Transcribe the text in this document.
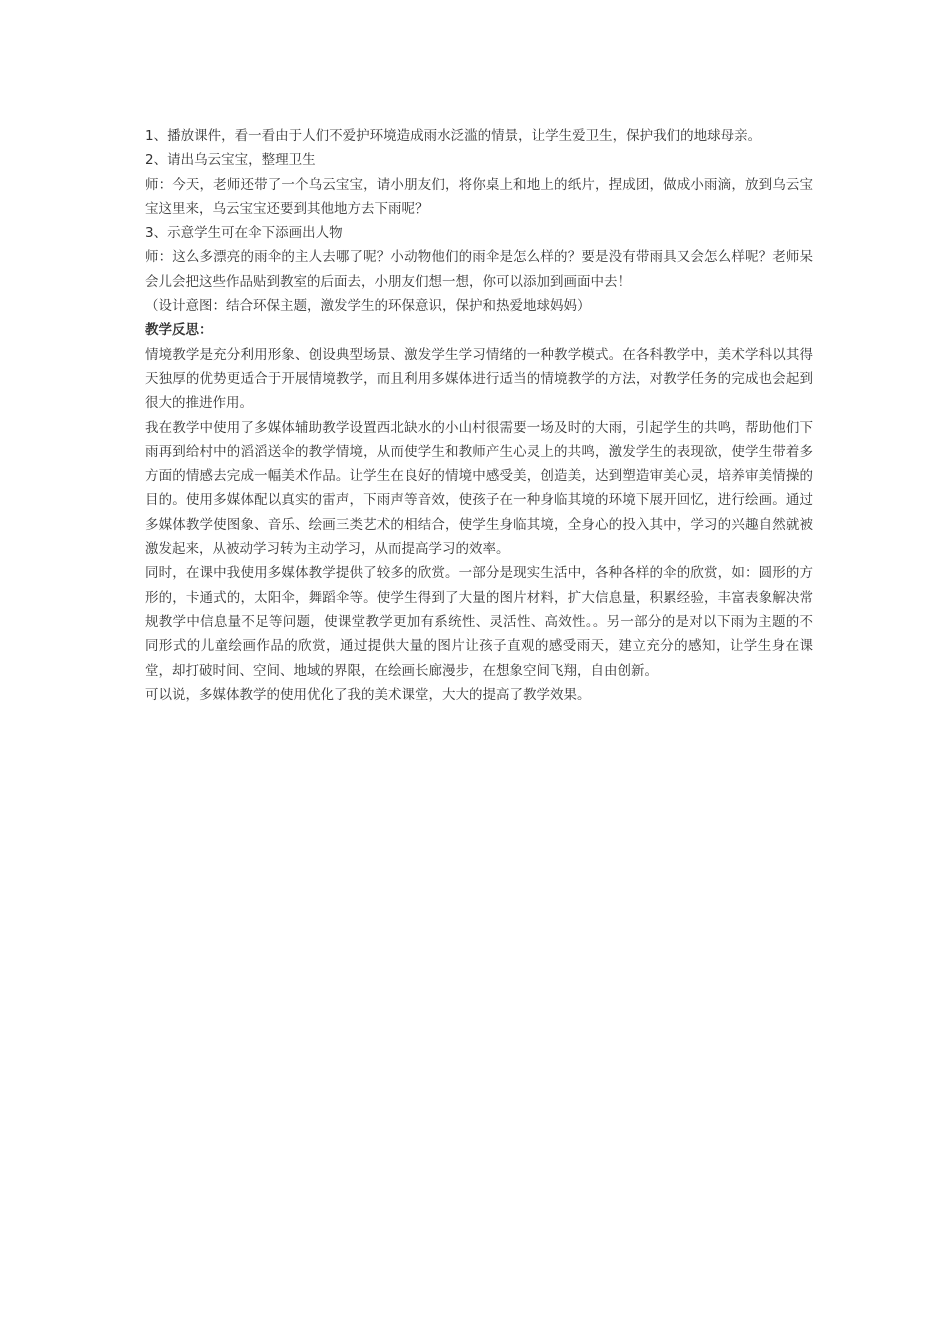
1、播放课件，看一看由于人们不爱护环境造成雨水泛滥的情景，让学生爱卫生，保护我们的地球母亲。

2、请出乌云宝宝，整理卫生

师：今天，老师还带了一个乌云宝宝，请小朋友们，将你桌上和地上的纸片，捏成团，做成小雨滴，放到乌云宝宝这里来，乌云宝宝还要到其他地方去下雨呢？

3、示意学生可在伞下添画出人物

师：这么多漂亮的雨伞的主人去哪了呢？小动物他们的雨伞是怎么样的？要是没有带雨具又会怎么样呢？老师呆会儿会把这些作品贴到教室的后面去，小朋友们想一想，你可以添加到画面中去！

（设计意图：结合环保主题，激发学生的环保意识，保护和热爱地球妈妈）

教学反思：

情境教学是充分利用形象、创设典型场景、激发学生学习情绪的一种教学模式。在各科教学中，美术学科以其得天独厚的优势更适合于开展情境教学，而且利用多媒体进行适当的情境教学的方法，对教学任务的完成也会起到很大的推进作用。

我在教学中使用了多媒体辅助教学设置西北缺水的小山村很需要一场及时的大雨，引起学生的共鸣，帮助他们下雨再到给村中的滔滔送伞的教学情境，从而使学生和教师产生心灵上的共鸣，激发学生的表现欲，使学生带着多方面的情感去完成一幅美术作品。让学生在良好的情境中感受美，创造美，达到塑造审美心灵，培养审美情操的目的。使用多媒体配以真实的雷声，下雨声等音效，使孩子在一种身临其境的环境下展开回忆，进行绘画。通过多媒体教学使图象、音乐、绘画三类艺术的相结合，使学生身临其境，全身心的投入其中，学习的兴趣自然就被激发起来，从被动学习转为主动学习，从而提高学习的效率。

同时，在课中我使用多媒体教学提供了较多的欣赏。一部分是现实生活中，各种各样的伞的欣赏，如：圆形的方形的，卡通式的，太阳伞，舞蹈伞等。使学生得到了大量的图片材料，扩大信息量，积累经验，丰富表象解决常规教学中信息量不足等问题，使课堂教学更加有系统性、灵活性、高效性。。另一部分的是对以下雨为主题的不同形式的儿童绘画作品的欣赏，通过提供大量的图片让孩子直观的感受雨天，建立充分的感知，让学生身在课堂，却打破时间、空间、地域的界限，在绘画长廊漫步，在想象空间飞翔，自由创新。

可以说，多媒体教学的使用优化了我的美术课堂，大大的提高了教学效果。
